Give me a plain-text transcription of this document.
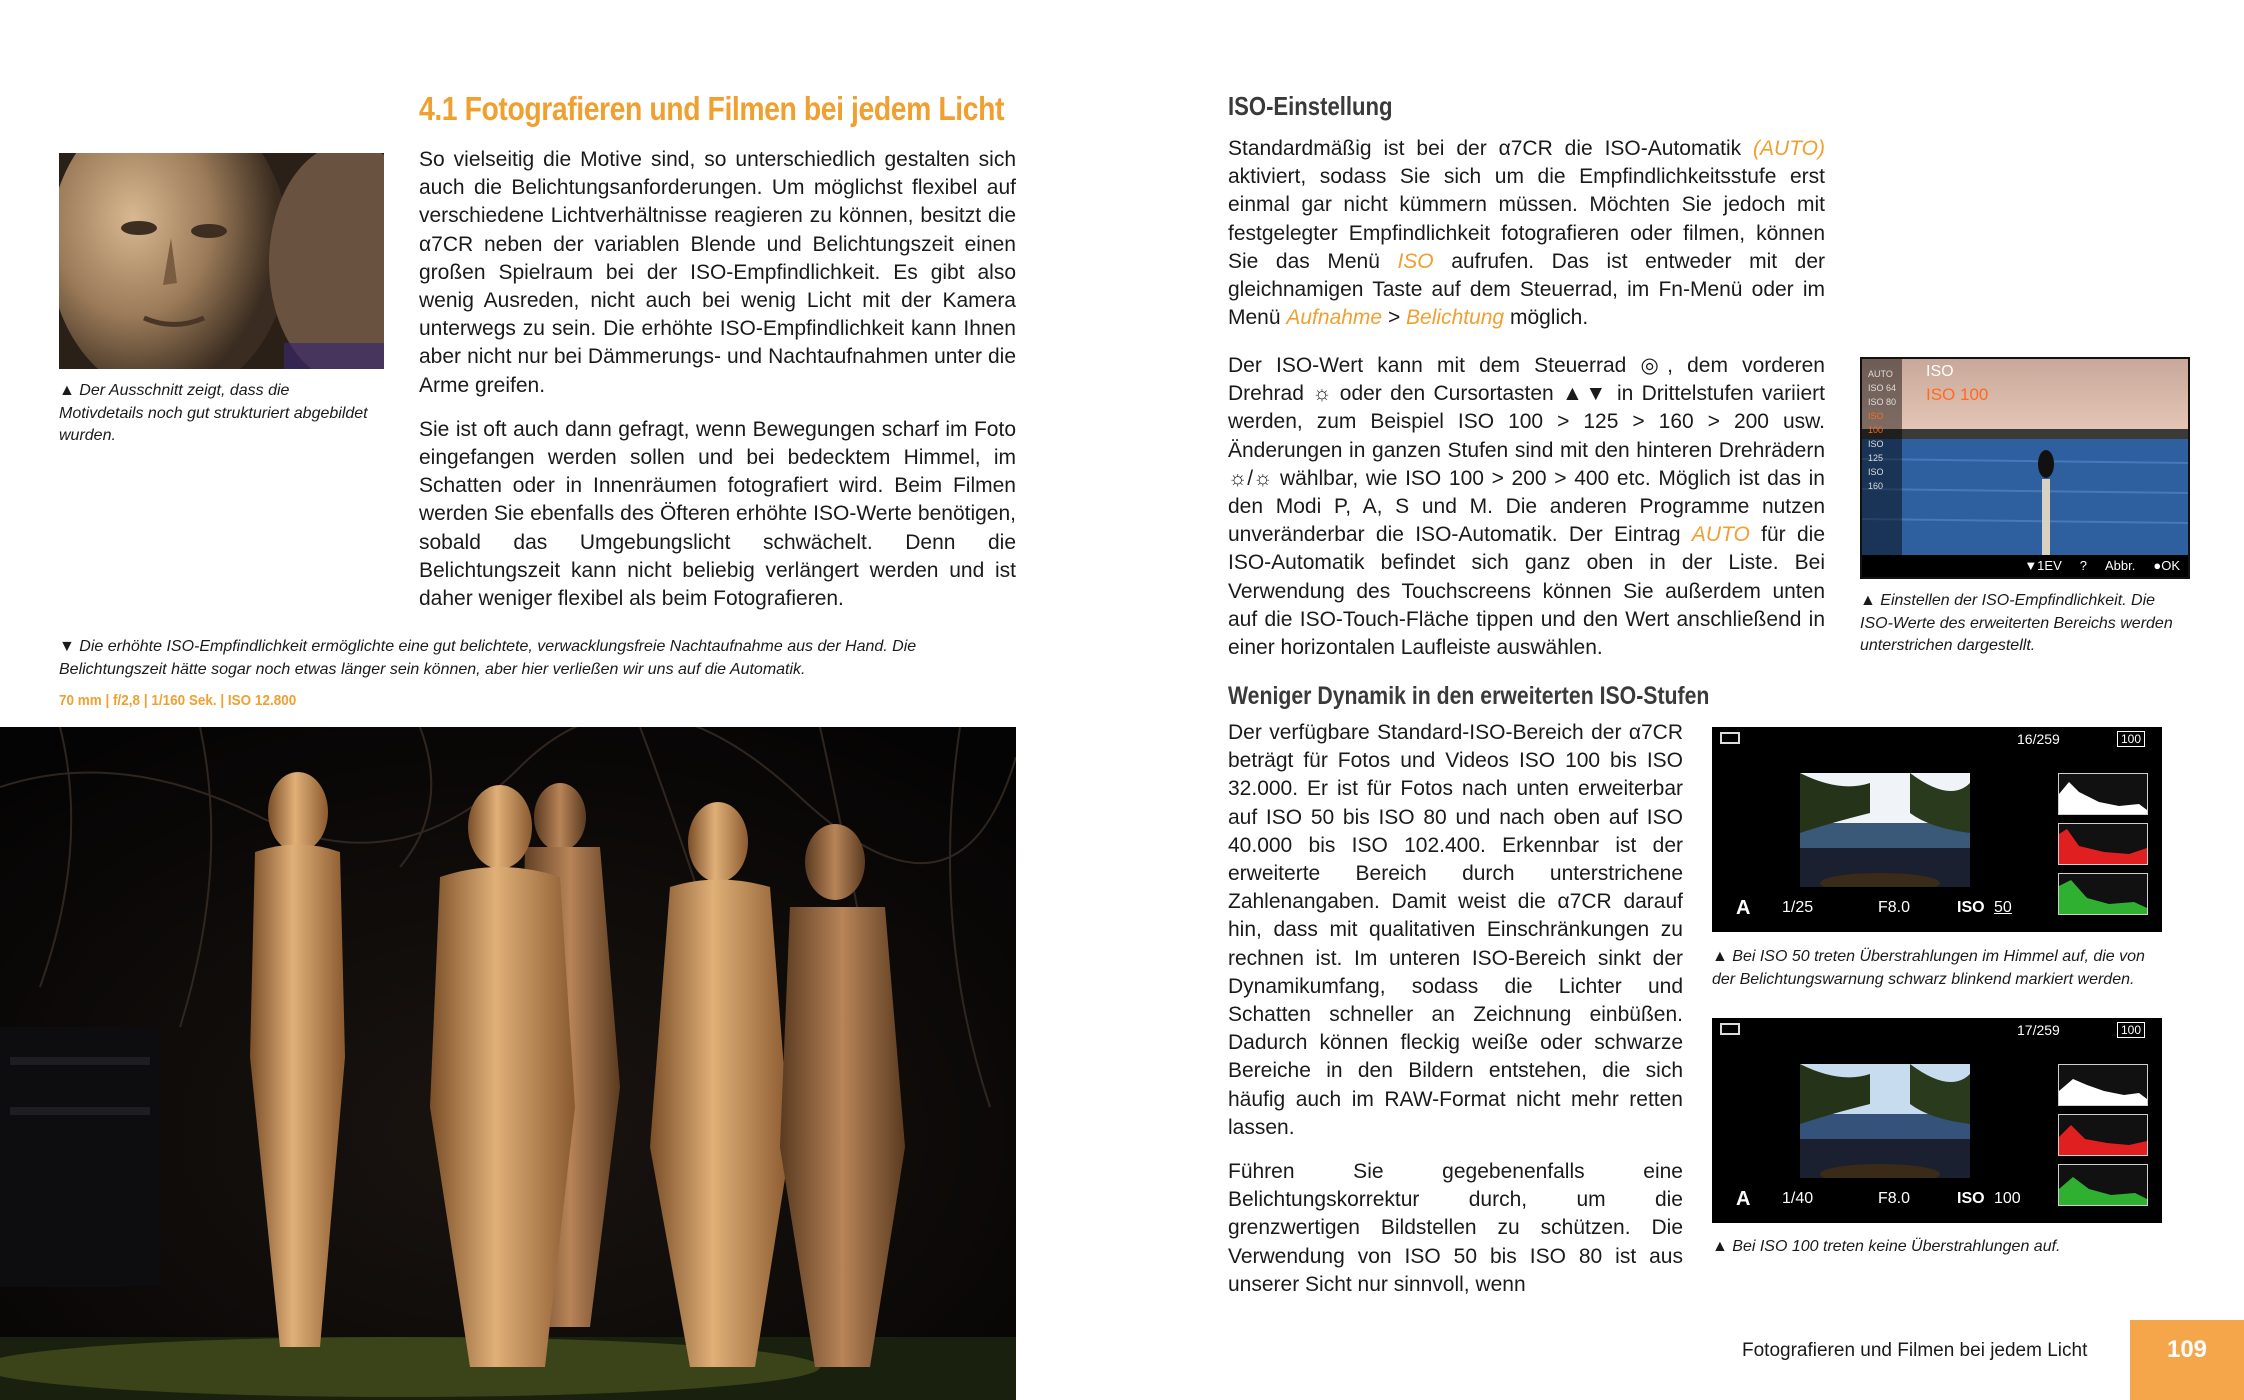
4.1 Fotografieren und Filmen bei jedem Licht
▲ Der Ausschnitt zeigt, dass die Motivdetails noch gut strukturiert abgebildet wurden.

So vielseitig die Motive sind, so unterschiedlich gestalten sich auch die Belichtungsanforderungen. Um möglichst flexibel auf verschiedene Lichtverhältnisse reagieren zu können, besitzt die α7CR neben der variablen Blende und Belichtungszeit einen großen Spielraum bei der ISO-Empfindlichkeit. Es gibt also wenig Ausreden, nicht auch bei wenig Licht mit der Kamera unterwegs zu sein. Die erhöhte ISO-Empfindlichkeit kann Ihnen aber nicht nur bei Dämmerungs- und Nachtaufnahmen unter die Arme greifen.

Sie ist oft auch dann gefragt, wenn Bewegungen scharf im Foto eingefangen werden sollen und bei bedecktem Himmel, im Schatten oder in Innenräumen fotografiert wird. Beim Filmen werden Sie ebenfalls des Öfteren erhöhte ISO-Werte benötigen, sobald das Umgebungslicht schwächelt. Denn die Belichtungszeit kann nicht beliebig verlängert werden und ist daher weniger flexibel als beim Fotografieren.

▼ Die erhöhte ISO-Empfindlichkeit ermöglichte eine gut belichtete, verwacklungsfreie Nachtaufnahme aus der Hand. Die Belichtungszeit hätte sogar noch etwas länger sein können, aber hier verließen wir uns auf die Automatik.
70 mm | f/2,8 | 1/160 Sek. | ISO 12.800
ISO-Einstellung

Standardmäßig ist bei der α7CR die ISO-Automatik (AUTO) aktiviert, sodass Sie sich um die Empfindlichkeitsstufe erst einmal gar nicht kümmern müssen. Möchten Sie jedoch mit festgelegter Empfindlichkeit fotografieren oder filmen, können Sie das Menü ISO aufrufen. Das ist entweder mit der gleichnamigen Taste auf dem Steuerrad, im Fn-Menü oder im Menü Aufnahme > Belichtung möglich.

Der ISO-Wert kann mit dem Steuerrad ◎, dem vorderen Drehrad ☼ oder den Cursortasten ▲▼ in Drittelstufen variiert werden, zum Beispiel ISO 100 > 125 > 160 > 200 usw. Änderungen in ganzen Stufen sind mit den hinteren Drehrädern ☼/☼ wählbar, wie ISO 100 > 200 > 400 etc. Möglich ist das in den Modi P, A, S und M. Die anderen Programme nutzen unveränderbar die ISO-Automatik. Der Eintrag AUTO für die ISO-Automatik befindet sich ganz oben in der Liste. Bei Verwendung des Touchscreens können Sie außerdem unten auf die ISO-Touch-Fläche tippen und den Wert anschließend in einer horizontalen Laufleiste auswählen.

ISO
ISO 100
AUTO
ISO 64
ISO 80
ISO 100
ISO 125
ISO 160
▼1EV ? Abbr. ●OK
▲ Einstellen der ISO-Empfindlichkeit. Die ISO-Werte des erweiterten Bereichs werden unterstrichen dargestellt.
Weniger Dynamik in den erweiterten ISO-Stufen

Der verfügbare Standard-ISO-Bereich der α7CR beträgt für Fotos und Videos ISO 100 bis ISO 32.000. Er ist für Fotos nach unten erweiterbar auf ISO 50 bis ISO 80 und nach oben auf ISO 40.000 bis ISO 102.400. Erkennbar ist der erweiterte Bereich durch unterstrichene Zahlenangaben. Damit weist die α7CR darauf hin, dass mit qualitativen Einschränkungen zu rechnen ist. Im unteren ISO-Bereich sinkt der Dynamikumfang, sodass die Lichter und Schatten schneller an Zeichnung einbüßen. Dadurch können fleckig weiße oder schwarze Bereiche in den Bildern entstehen, die sich häufig auch im RAW-Format nicht mehr retten lassen.

Führen Sie gegebenenfalls eine Belichtungskorrektur durch, um die grenzwertigen Bildstellen zu schützen. Die Verwendung von ISO 50 bis ISO 80 ist aus unserer Sicht nur sinnvoll, wenn

16/259	100
A 1/25	F8.0	ISO 50
▲ Bei ISO 50 treten Überstrahlungen im Himmel auf, die von der Belichtungswarnung schwarz blinkend markiert werden.
17/259	100
A 1/40	F8.0	ISO 100
▲ Bei ISO 100 treten keine Überstrahlungen auf.
Fotografieren und Filmen bei jedem Licht	109
